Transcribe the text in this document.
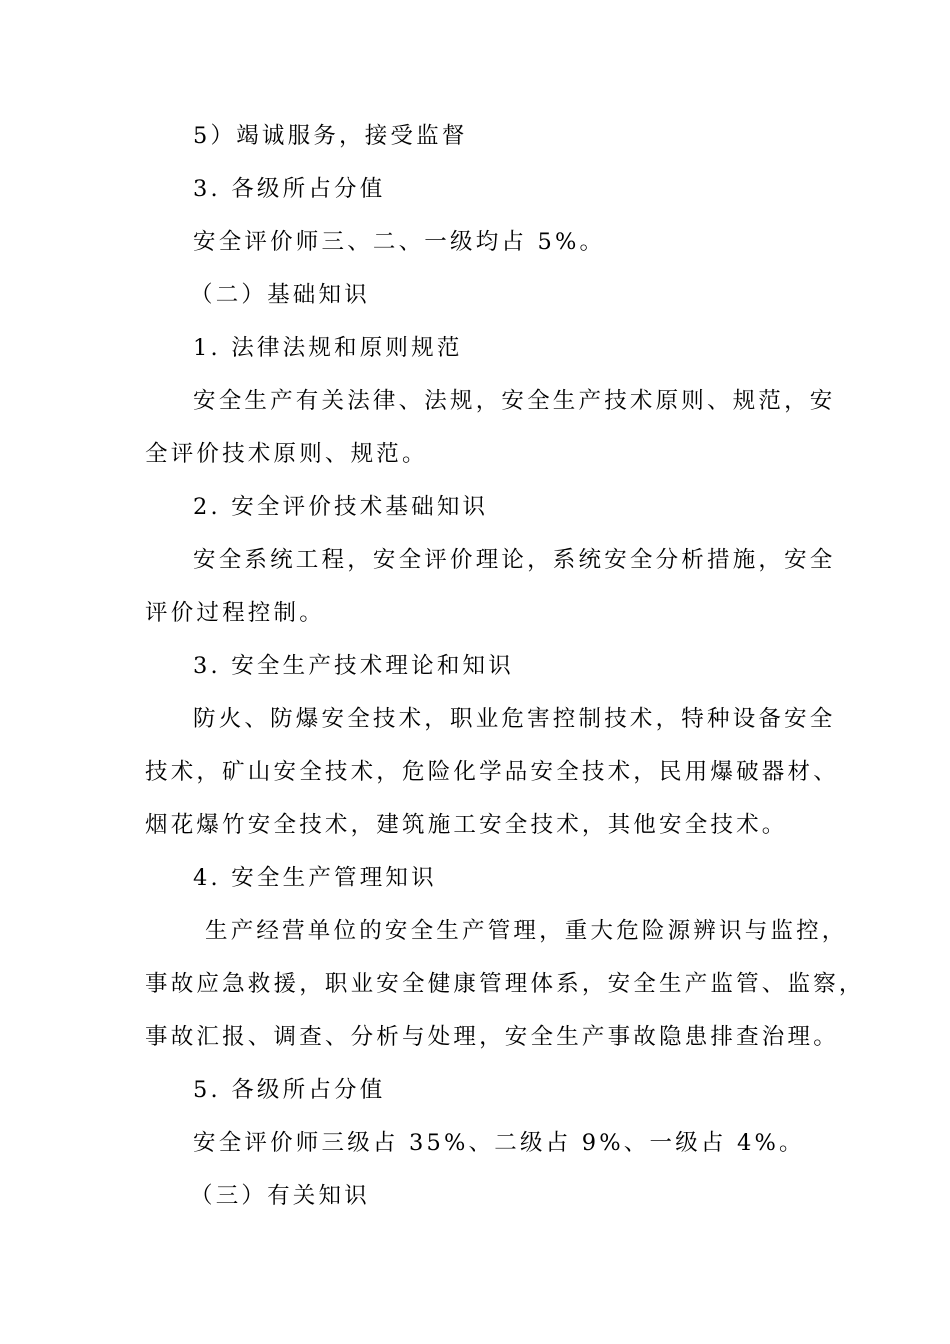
5）竭诚服务，接受监督
3. 各级所占分值
安全评价师三、二、一级均占 5%。
（二）基础知识
1. 法律法规和原则规范
安全生产有关法律、法规，安全生产技术原则、规范，安
全评价技术原则、规范。
2. 安全评价技术基础知识
安全系统工程，安全评价理论，系统安全分析措施，安全
评价过程控制。
3. 安全生产技术理论和知识
防火、防爆安全技术，职业危害控制技术，特种设备安全
技术，矿山安全技术，危险化学品安全技术，民用爆破器材、
烟花爆竹安全技术，建筑施工安全技术，其他安全技术。
4. 安全生产管理知识
生产经营单位的安全生产管理，重大危险源辨识与监控，
事故应急救援，职业安全健康管理体系，安全生产监管、监察，
事故汇报、调查、分析与处理，安全生产事故隐患排查治理。
5. 各级所占分值
安全评价师三级占 35%、二级占 9%、一级占 4%。
（三）有关知识
